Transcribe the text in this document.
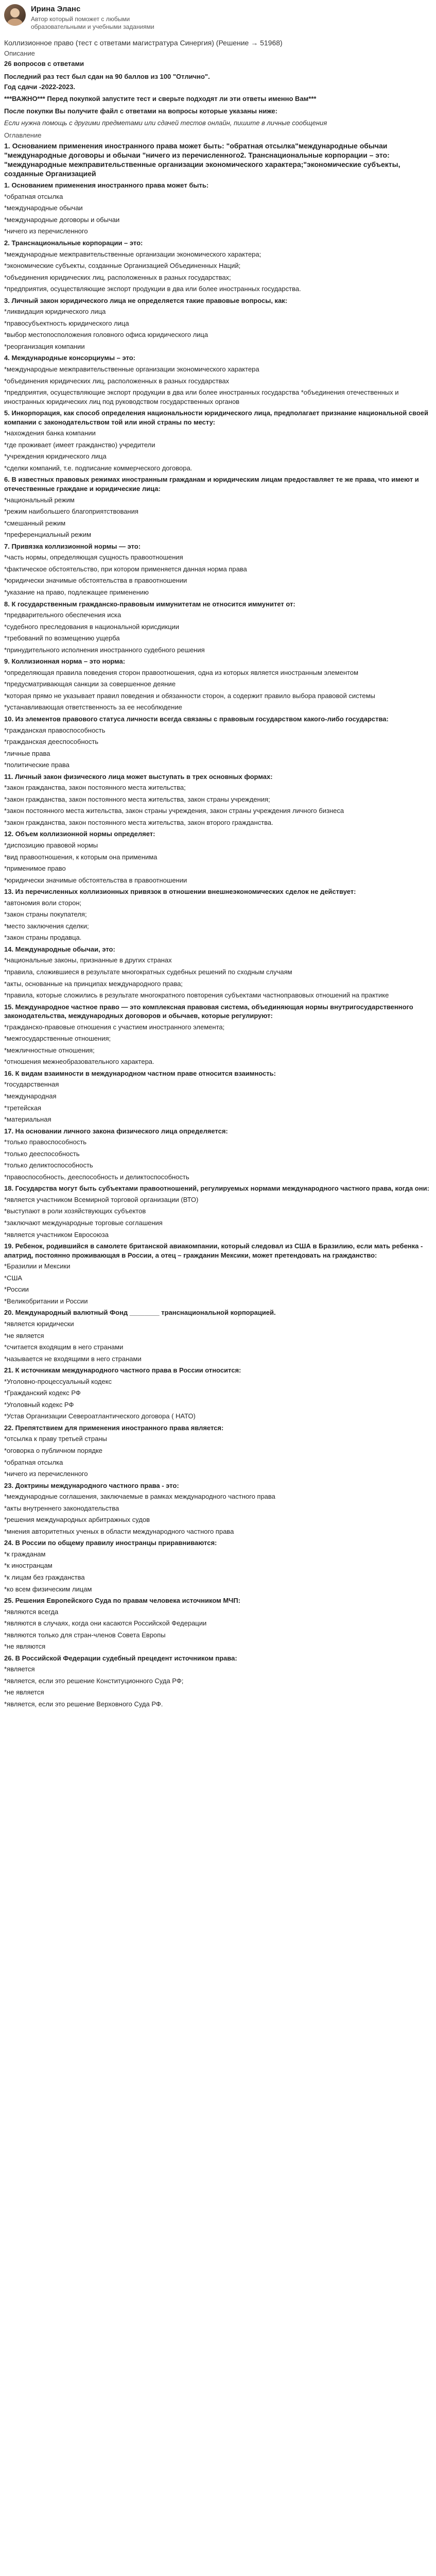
Ирина Эланс
Автор который поможет с любыми образовательными и учебными заданиями
Коллизионное право (тест с ответами магистратура Синергия) (Решение → 51968)
Описание
26 вопросов с ответами
Последний раз тест был сдан на 90 баллов из 100 "Отлично".
Год сдачи -2022-2023.
***ВАЖНО*** Перед покупкой запустите тест и сверьте подходят ли эти ответы именно Вам***
После покупки Вы получите файл с ответами на вопросы которые указаны ниже:
Если нужна помощь с другими предметами или сдачей тестов онлайн, пишите в личные сообщения
Оглавление
1. Основанием применения иностранного права может быть: "обратная отсылка"международные обычаи "международные договоры и обычаи "ничего из перечисленного2. Транснациональные корпорации – это: "международные межправительственные организации экономического характера;"экономические субъекты, созданные Организацией
1. Основанием применения иностранного права может быть:
*обратная отсылка
*международные обычаи
*международные договоры и обычаи
*ничего из перечисленного
2. Транснациональные корпорации – это:
*международные межправительственные организации экономического характера;
*экономические субъекты, созданные Организацией Объединенных Наций;
*объединения юридических лиц, расположенных в разных государствах;
*предприятия, осуществляющие экспорт продукции в два или более иностранных государства.
3. Личный закон юридического лица не определяется такие правовые вопросы, как:
*ликвидация юридического лица
*правосубъектность юридического лица
*выбор местопосположения головного офиса юридического лица
*реорганизация компании
4. Международные консорциумы – это:
*международные межправительственные организации экономического характера
*объединения юридических лиц, расположенных в разных государствах
*предприятия, осуществляющие экспорт продукции в два или более иностранных государства *объединения отечественных и иностранных юридических лиц под руководством государственных органов
5. Инкорпорация, как способ определения национальности юридического лица, предполагает признание национальной своей компании с законодательством той или иной страны по месту:
*нахождения банка компании
*где проживает (имеет гражданство) учредители
*учреждения юридического лица
*сделки компаний, т.е. подписание коммерческого договора.
6. В известных правовых режимах иностранным гражданам и юридическим лицам предоставляет те же права, что имеют и отечественные граждане и юридические лица:
*национальный режим
*режим наибольшего благоприятствования
*смешанный режим
*преференциальный режим
7. Привязка коллизионной нормы — это:
*часть нормы, определяющая сущность правоотношения
*фактическое обстоятельство, при котором применяется данная норма права
*юридически значимые обстоятельства в правоотношении
*указание на право, подлежащее применению
8. К государственным гражданско-правовым иммунитетам не относится иммунитет от:
*предварительного обеспечения иска
*судебного преследования в национальной юрисдикции
*требований по возмещению ущерба
*принудительного исполнения иностранного судебного решения
9. Коллизионная норма – это норма:
*определяющая правила поведения сторон правоотношения, одна из которых является иностранным элементом
*предусматривающая санкции за совершенное деяние
*которая прямо не указывает правил поведения и обязанности сторон, а содержит правило выбора правовой системы
*устанавливающая ответственность за ее несоблюдение
10. Из элементов правового статуса личности всегда связаны с правовым государством какого-либо государства:
*гражданская правоспособность
*гражданская дееспособность
*личные права
*политические права
11. Личный закон физического лица может выступать в трех основных формах:
*закон гражданства, закон постоянного места жительства;
*закон гражданства, закон постоянного места жительства, закон страны учреждения;
*закон постоянного места жительства, закон страны учреждения, закон страны учреждения личного бизнеса
*закон гражданства, закон постоянного места жительства, закон второго гражданства.
12. Объем коллизионной нормы определяет:
*диспозицию правовой нормы
*вид правоотношения, к которым она применима
*применимое право
*юридически значимые обстоятельства в правоотношении
13. Из перечисленных коллизионных привязок в отношении внешнеэкономических сделок не действует:
*автономия воли сторон;
*закон страны покупателя;
*место заключения сделки;
*закон страны продавца.
14. Международные обычаи, это:
*национальные законы, признанные в других странах
*правила, сложившиеся в результате многократных судебных решений по сходным случаям
*акты, основанные на принципах международного права;
*правила, которые сложились в результате многократного повторения субъектами частноправовых отношений на практике
15. Международное частное право — это комплексная правовая система, объединяющая нормы внутригосударственного законодательства, международных договоров и обычаев, которые регулируют:
*гражданско-правовые отношения с участием иностранного элемента;
*межгосударственные отношения;
*межличностные отношения;
*отношения межнеобразовательного характера.
16. К видам взаимности в международном частном праве относится взаимность:
*государственная
*международная
*третейская
*материальная
17. На основании личного закона физического лица определяется:
*только правоспособность
*только дееспособность
*только деликтоспособность
*правоспособность, дееспособность и деликтоспособность
18. Государства могут быть субъектами правоотношений, регулируемых нормами международного частного права, когда они:
*является участником Всемирной торговой организации (ВТО)
*выступают в роли хозяйствующих субъектов
*заключают международные торговые соглашения
*является участником Евросоюза
19. Ребенок, родившийся в самолете британской авиакомпании, который следовал из США в Бразилию, если мать ребенка - апатрид, постоянно проживающая в России, а отец – гражданин Мексики, может претендовать на гражданство:
*Бразилии и Мексики
*США
*России
*Великобритании и России
20. Международный валютный Фонд ________ транснациональной корпорацией.
*является юридически
*не является
*считается входящим в него странами
*называется не входящими в него странами
21. К источникам международного частного права в России относится:
*Уголовно-процессуальный кодекс
*Гражданский кодекс РФ
*Уголовный кодекс РФ
*Устав Организации Североатлантического договора ( НАТО)
22. Препятствием для применения иностранного права является:
*отсылка к праву третьей страны
*оговорка о публичном порядке
*обратная отсылка
*ничего из перечисленного
23. Доктрины международного частного права - это:
*международные соглашения, заключаемые в рамках международного частного права
*акты внутреннего законодательства
*решения международных арбитражных судов
*мнения авторитетных ученых в области международного частного права
24. В России по общему правилу иностранцы приравниваются:
*к гражданам
*к иностранцам
*к лицам без гражданства
*ко всем физическим лицам
25. Решения Европейского Суда по правам человека источником МЧП:
*являются всегда
*являются в случаях, когда они касаются Российской Федерации
*являются только для стран-членов Совета Европы
*не являются
26. В Российской Федерации судебный прецедент источником права:
*является
*является, если это решение Конституционного Суда РФ;
*не является
*является, если это решение Верховного Суда РФ.
